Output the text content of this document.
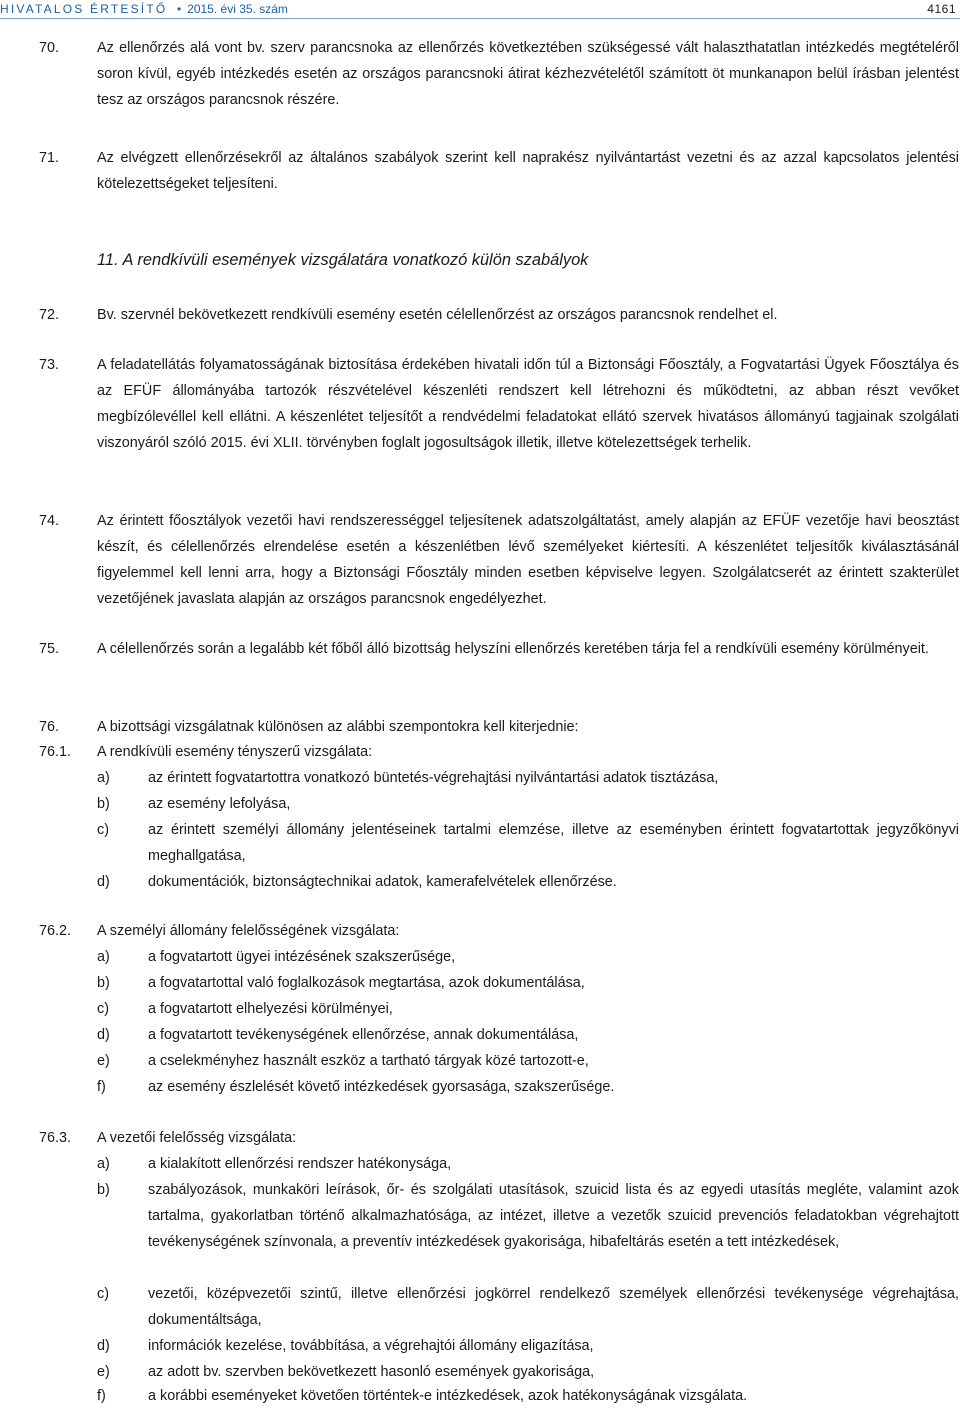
HIVATALOS ÉRTESÍTŐ • 2015. évi 35. szám	4161
70.	Az ellenőrzés alá vont bv. szerv parancsnoka az ellenőrzés következtében szükségessé vált halaszthatatlan intézkedés megtételéről soron kívül, egyéb intézkedés esetén az országos parancsnoki átirat kézhezvételétől számított öt munkanapon belül írásban jelentést tesz az országos parancsnok részére.
71.	Az elvégzett ellenőrzésekről az általános szabályok szerint kell naprakész nyilvántartást vezetni és az azzal kapcsolatos jelentési kötelezettségeket teljesíteni.
11. A rendkívüli események vizsgálatára vonatkozó külön szabályok
72.	Bv. szervnél bekövetkezett rendkívüli esemény esetén célellenőrzést az országos parancsnok rendelhet el.
73.	A feladatellátás folyamatosságának biztosítása érdekében hivatali időn túl a Biztonsági Főosztály, a Fogvatartási Ügyek Főosztálya és az EFÜF állományába tartozók részvételével készenléti rendszert kell létrehozni és működtetni, az abban részt vevőket megbízólevéllel kell ellátni. A készenlétet teljesítőt a rendvédelmi feladatokat ellátó szervek hivatásos állományú tagjainak szolgálati viszonyáról szóló 2015. évi XLII. törvényben foglalt jogosultságok illetik, illetve kötelezettségek terhelik.
74.	Az érintett főosztályok vezetői havi rendszerességgel teljesítenek adatszolgáltatást, amely alapján az EFÜF vezetője havi beosztást készít, és célellenőrzés elrendelése esetén a készenlétben lévő személyeket kiértesíti. A készenlétet teljesítők kiválasztásánál figyelemmel kell lenni arra, hogy a Biztonsági Főosztály minden esetben képviselve legyen. Szolgálatcserét az érintett szakterület vezetőjének javaslata alapján az országos parancsnok engedélyezhet.
75.	A célellenőrzés során a legalább két főből álló bizottság helyszíni ellenőrzés keretében tárja fel a rendkívüli esemény körülményeit.
76.	A bizottsági vizsgálatnak különösen az alábbi szempontokra kell kiterjednie:
76.1. A rendkívüli esemény tényszerű vizsgálata:
a)	az érintett fogvatartottra vonatkozó büntetés-végrehajtási nyilvántartási adatok tisztázása,
b)	az esemény lefolyása,
c)	az érintett személyi állomány jelentéseinek tartalmi elemzése, illetve az eseményben érintett fogvatartottak jegyzőkönyvi meghallgatása,
d)	dokumentációk, biztonságtechnikai adatok, kamerafelvételek ellenőrzése.
76.2. A személyi állomány felelősségének vizsgálata:
a)	a fogvatartott ügyei intézésének szakszerűsége,
b)	a fogvatartottal való foglalkozások megtartása, azok dokumentálása,
c)	a fogvatartott elhelyezési körülményei,
d)	a fogvatartott tevékenységének ellenőrzése, annak dokumentálása,
e)	a cselekményhez használt eszköz a tartható tárgyak közé tartozott-e,
f)	az esemény észlelését követő intézkedések gyorsasága, szakszerűsége.
76.3. A vezetői felelősség vizsgálata:
a)	a kialakított ellenőrzési rendszer hatékonysága,
b)	szabályozások, munkaköri leírások, őr- és szolgálati utasítások, szuicid lista és az egyedi utasítás megléte, valamint azok tartalma, gyakorlatban történő alkalmazhatósága, az intézet, illetve a vezetők szuicid prevenciós feladatokban végrehajtott tevékenységének színvonala, a preventív intézkedések gyakorisága, hibafeltárás esetén a tett intézkedések,
c)	vezetői, középvezetői szintű, illetve ellenőrzési jogkörrel rendelkező személyek ellenőrzési tevékenysége végrehajtása, dokumentáltsága,
d)	információk kezelése, továbbítása, a végrehajtói állomány eligazítása,
e)	az adott bv. szervben bekövetkezett hasonló események gyakorisága,
f)	a korábbi eseményeket követően történtek-e intézkedések, azok hatékonyságának vizsgálata.
